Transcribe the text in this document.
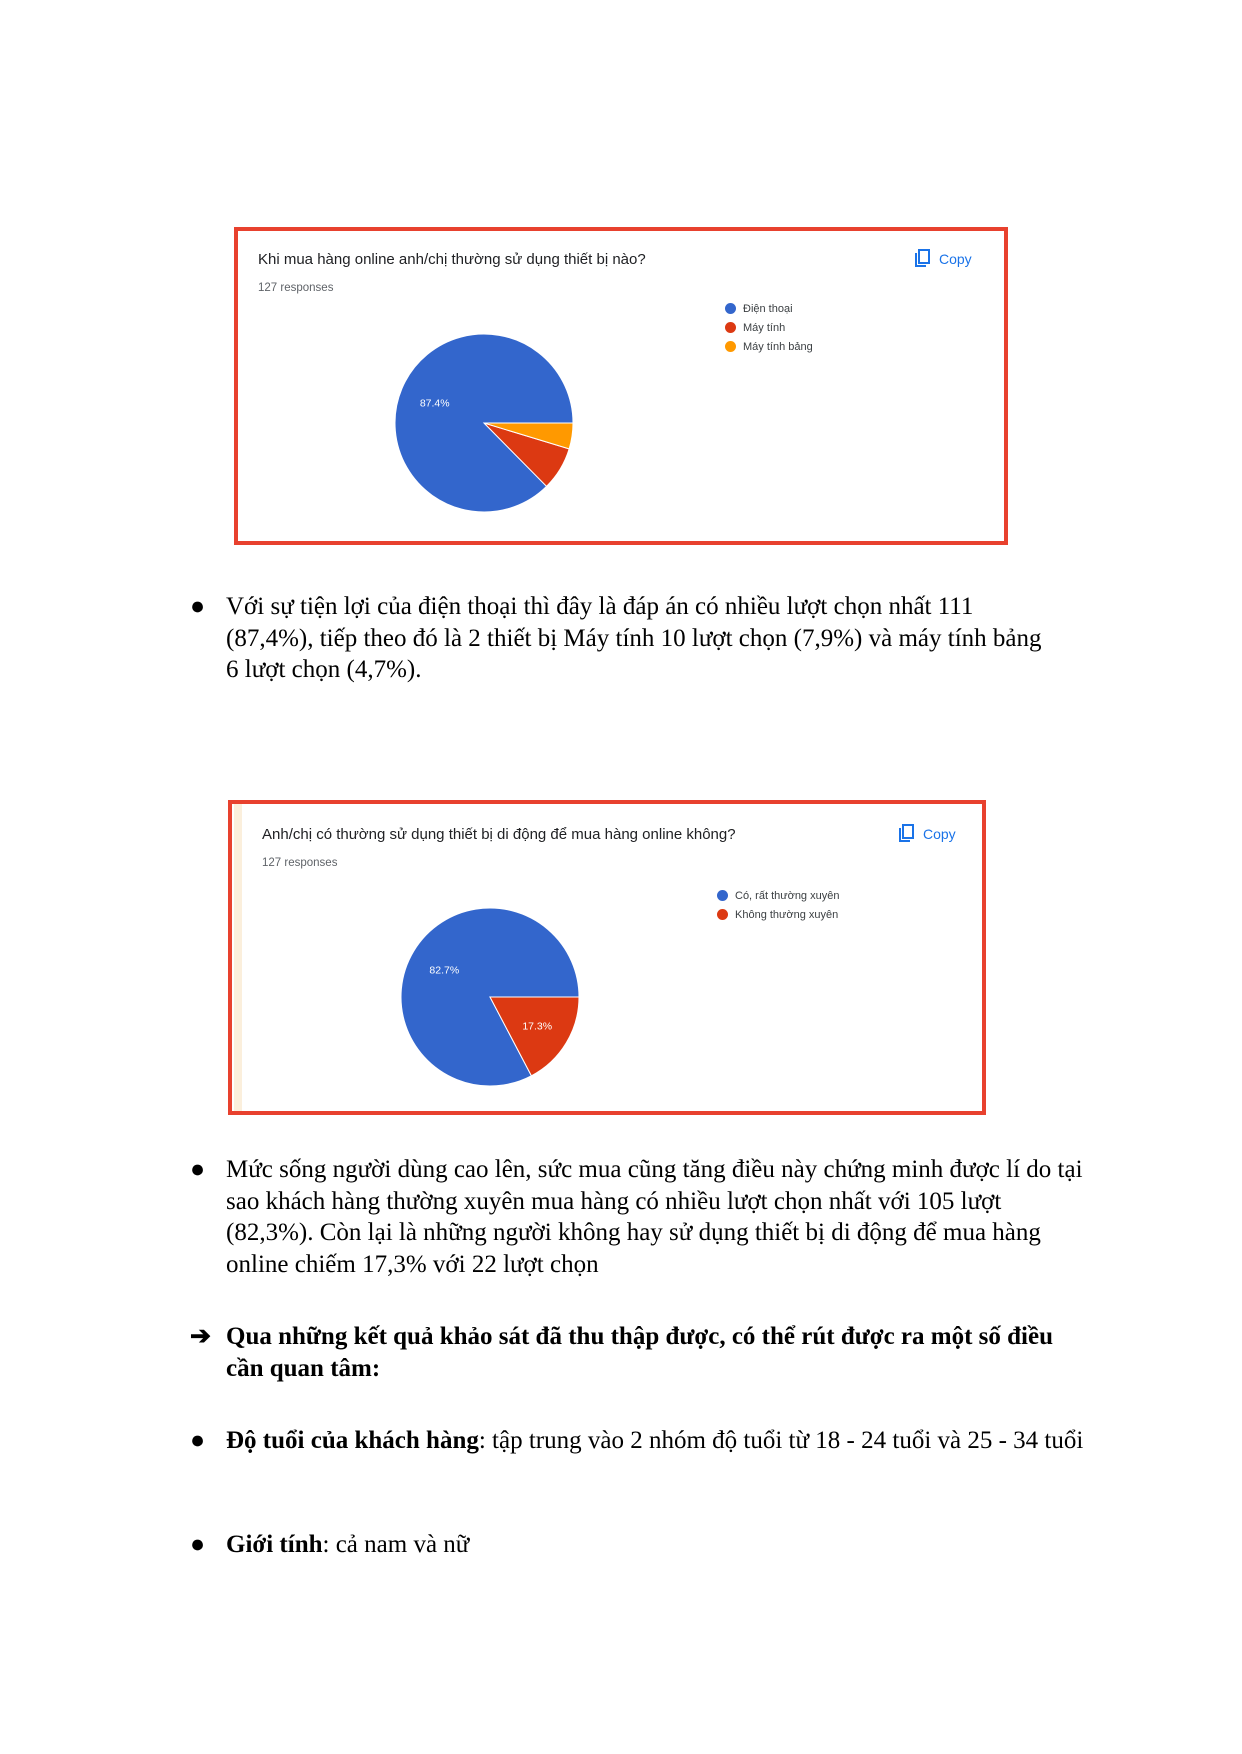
Khi mua hàng online anh/chị thường sử dụng thiết bị nào?
127 responses
Copy
87.4%
Điện thoại
Máy tính
Máy tính bảng
● Với sự tiện lợi của điện thoại thì đây là đáp án có nhiều lượt chọn nhất 111 (87,4%), tiếp theo đó là 2 thiết bị Máy tính 10 lượt chọn (7,9%) và máy tính bảng 6 lượt chọn (4,7%).
Anh/chị có thường sử dụng thiết bị di động để mua hàng online không?
127 responses
Copy
82.7%
17.3%
Có, rất thường xuyên
Không thường xuyên
● Mức sống người dùng cao lên, sức mua cũng tăng điều này chứng minh được lí do tại sao khách hàng thường xuyên mua hàng có nhiều lượt chọn nhất với 105 lượt (82,3%). Còn lại là những người không hay sử dụng thiết bị di động để mua hàng online chiếm 17,3% với 22 lượt chọn
➔ Qua những kết quả khảo sát đã thu thập được, có thể rút được ra một số điều cần quan tâm:
● Độ tuổi của khách hàng: tập trung vào 2 nhóm độ tuổi từ 18 - 24 tuổi và 25 - 34 tuổi
● Giới tính: cả nam và nữ
